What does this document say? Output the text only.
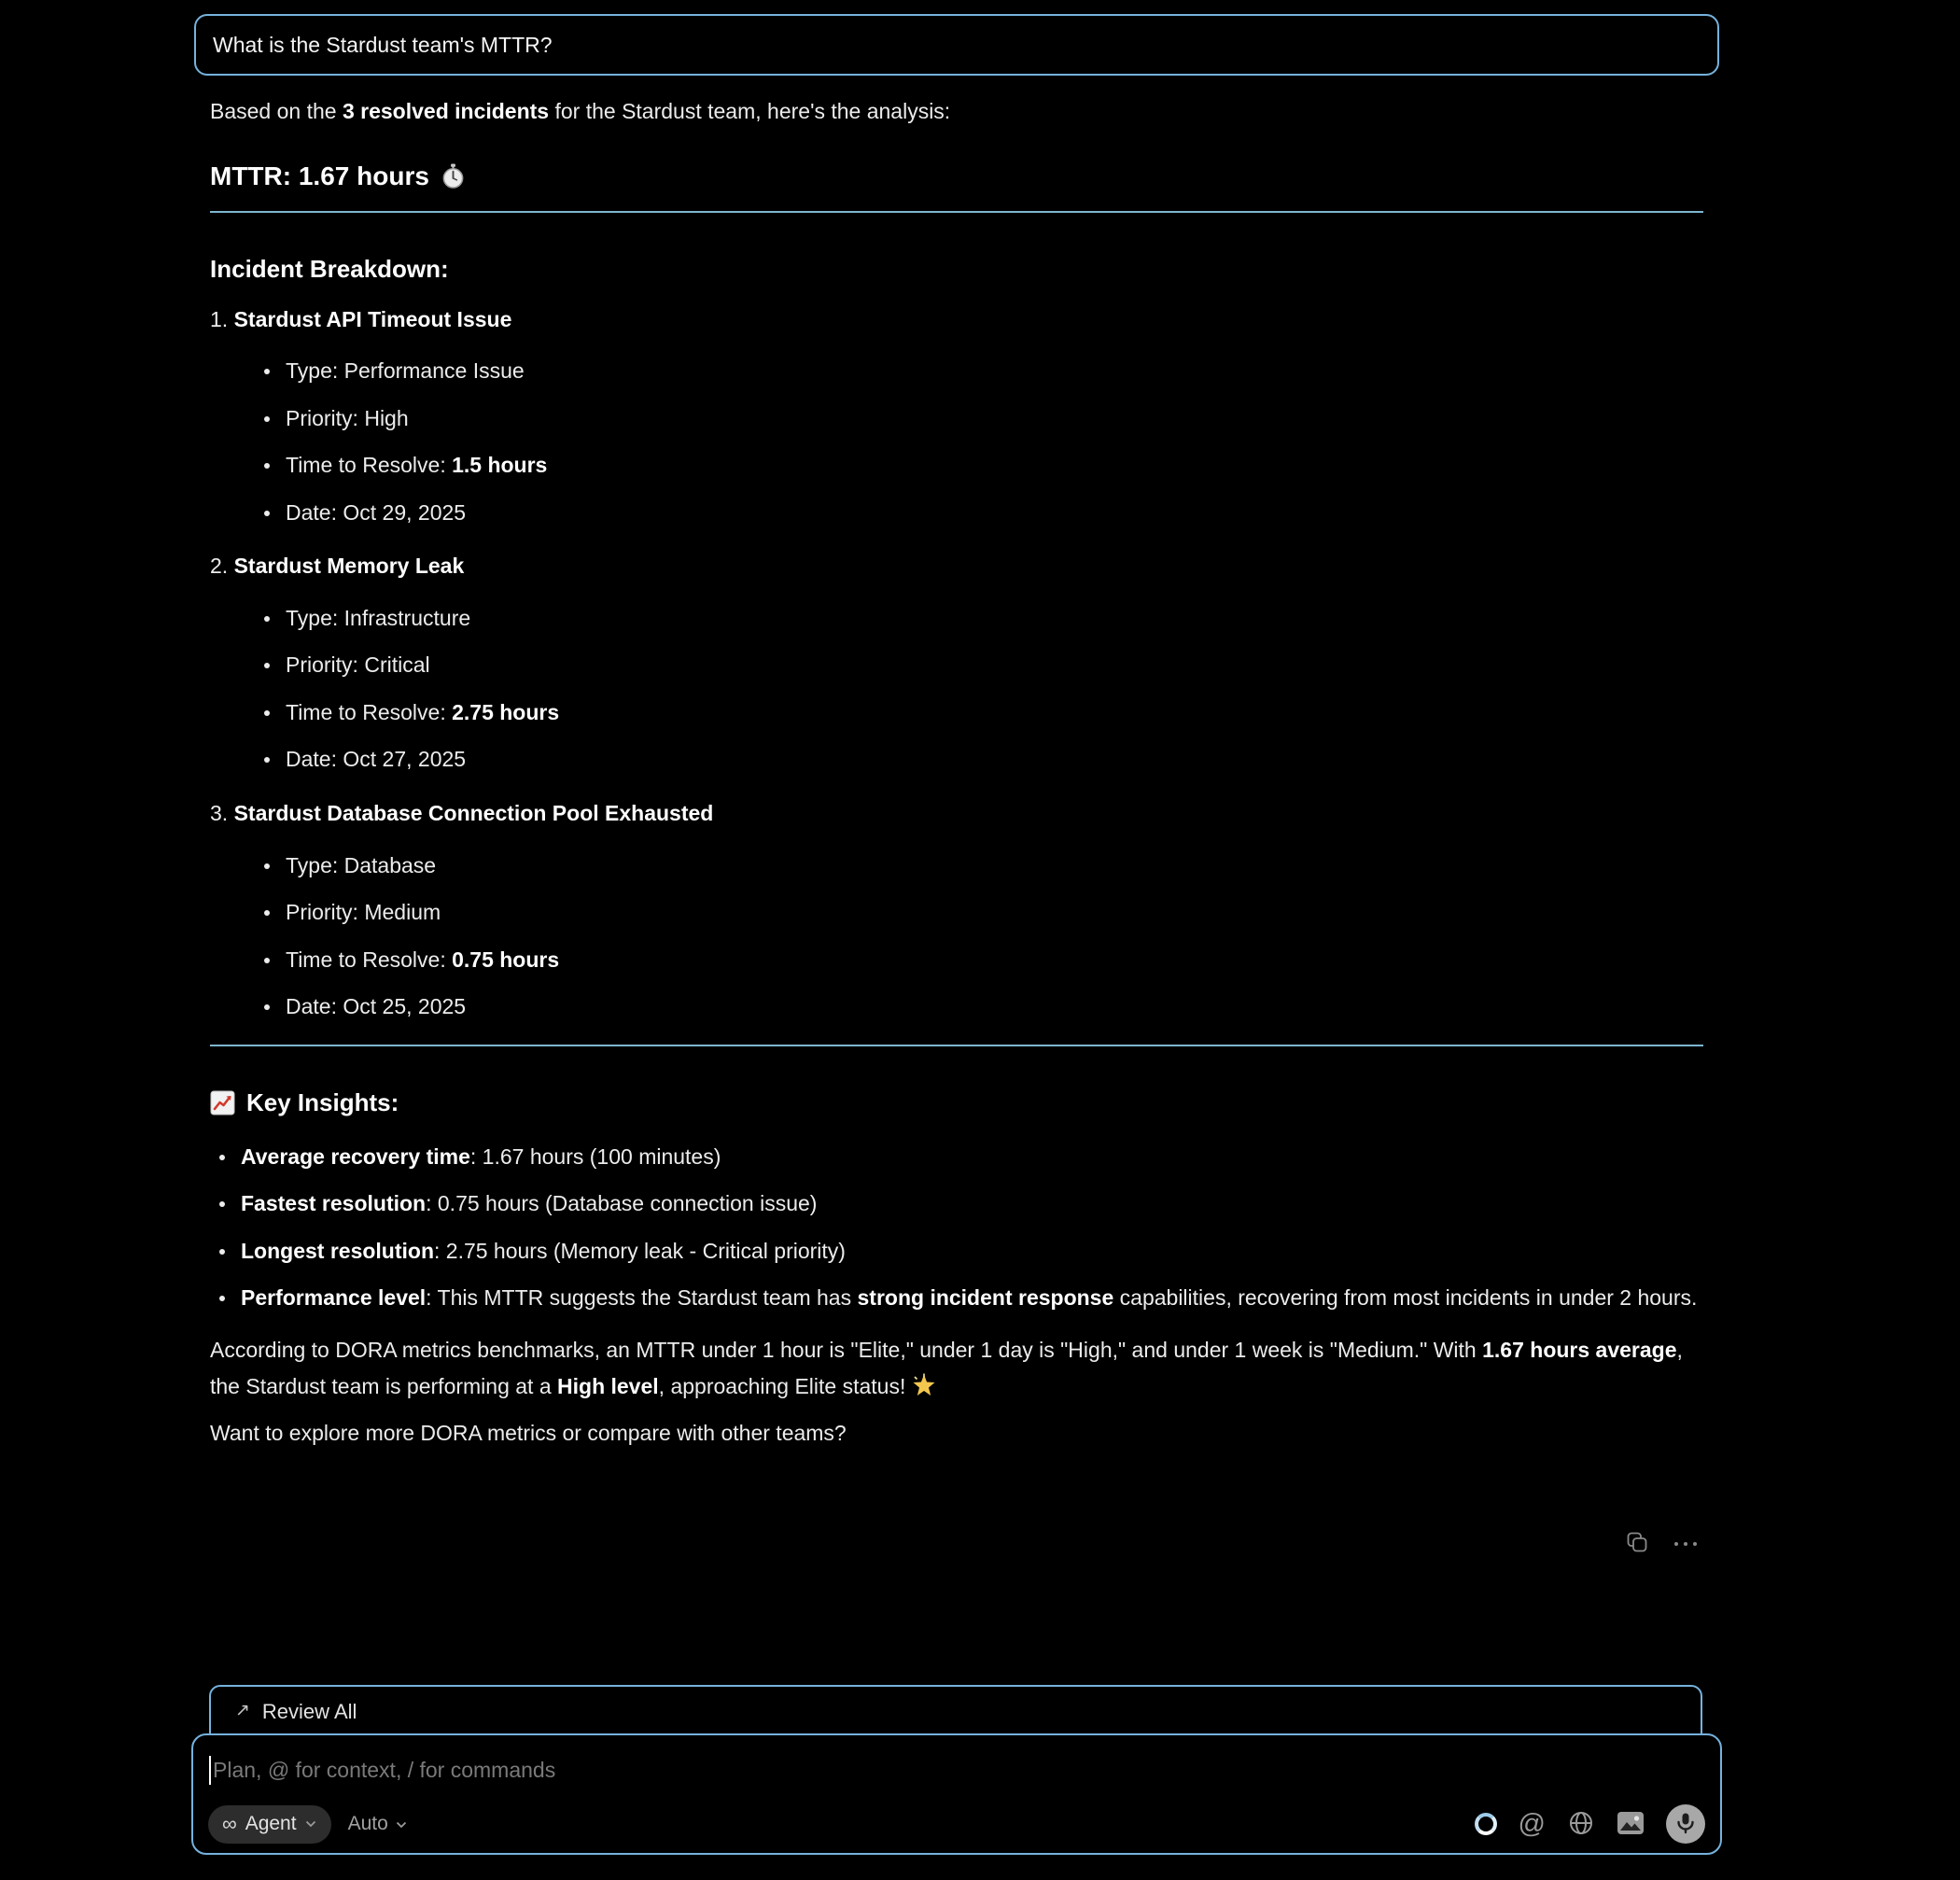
What is the Stardust team's MTTR?

Based on the 3 resolved incidents for the Stardust team, here's the analysis:

MTTR: 1.67 hours
Incident Breakdown:
1. Stardust API Timeout Issue
Type: Performance Issue
Priority: High
Time to Resolve: 1.5 hours
Date: Oct 29, 2025
2. Stardust Memory Leak
Type: Infrastructure
Priority: Critical
Time to Resolve: 2.75 hours
Date: Oct 27, 2025
3. Stardust Database Connection Pool Exhausted
Type: Database
Priority: Medium
Time to Resolve: 0.75 hours
Date: Oct 25, 2025
Key Insights:
Average recovery time: 1.67 hours (100 minutes)
Fastest resolution: 0.75 hours (Database connection issue)
Longest resolution: 2.75 hours (Memory leak - Critical priority)
Performance level: This MTTR suggests the Stardust team has strong incident response capabilities, recovering from most incidents in under 2 hours.

According to DORA metrics benchmarks, an MTTR under 1 hour is "Elite," under 1 day is "High," and under 1 week is "Medium." With 1.67 hours average, the Stardust team is performing at a High level, approaching Elite status!

Want to explore more DORA metrics or compare with other teams?

↗ Review All
Plan, @ for context, / for commands
∞ Agent	Auto	@
